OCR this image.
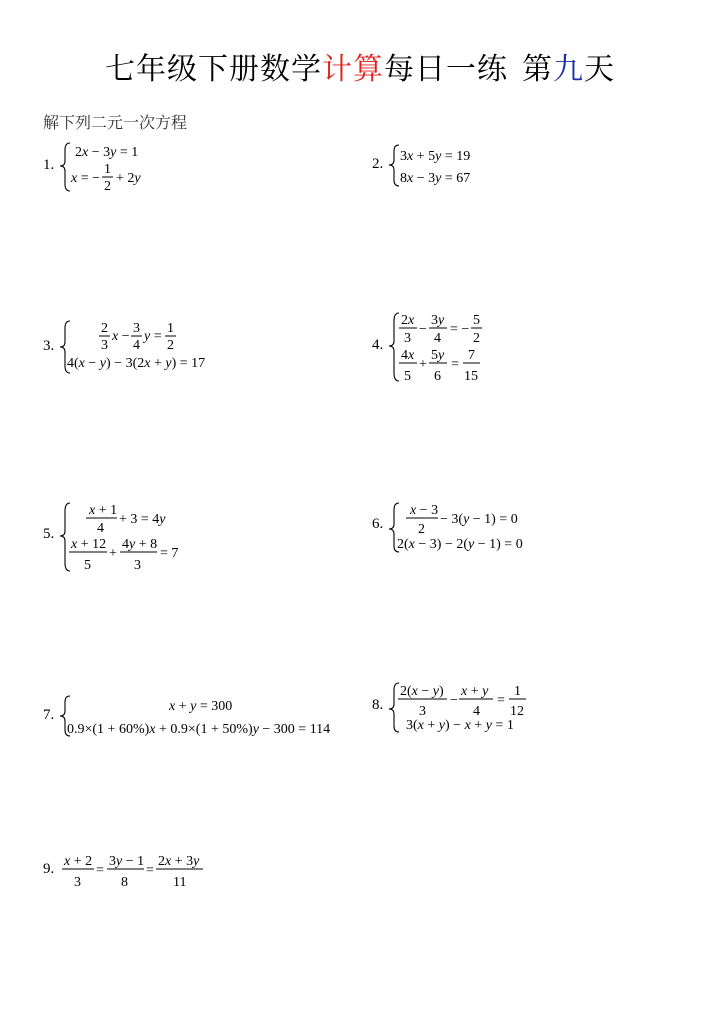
七年级下册数学计算每日一练 第九天
解下列二元一次方程
1.
2x − 3y = 1
x = −
1
2
+ 2y
2. 3x + 5y = 19
8x − 3y = 67
3.
2
3
x −
3
4
y =
1
2
4(x − y) − 3(2x + y) = 17
4.
2x
3
−
3y
4
= −
5
2
4x
5
+
5y
6
=
7
15
5.
x + 1
4
+ 3 = 4y
x + 12
5
+
4y + 8
3
= 7
6.
x − 3
2
− 3(y − 1) = 0
2(x − 3) − 2(y − 1) = 0
7.
x + y = 300
0.9×(1 + 60%)x + 0.9×(1 + 50%)y − 300 = 114
8.
2(x − y)
3
−
x + y
4
=
1
12
3(x + y) − x + y = 1
9. x + 2
3
=
3y − 1
8
=
2x + 3y
11
